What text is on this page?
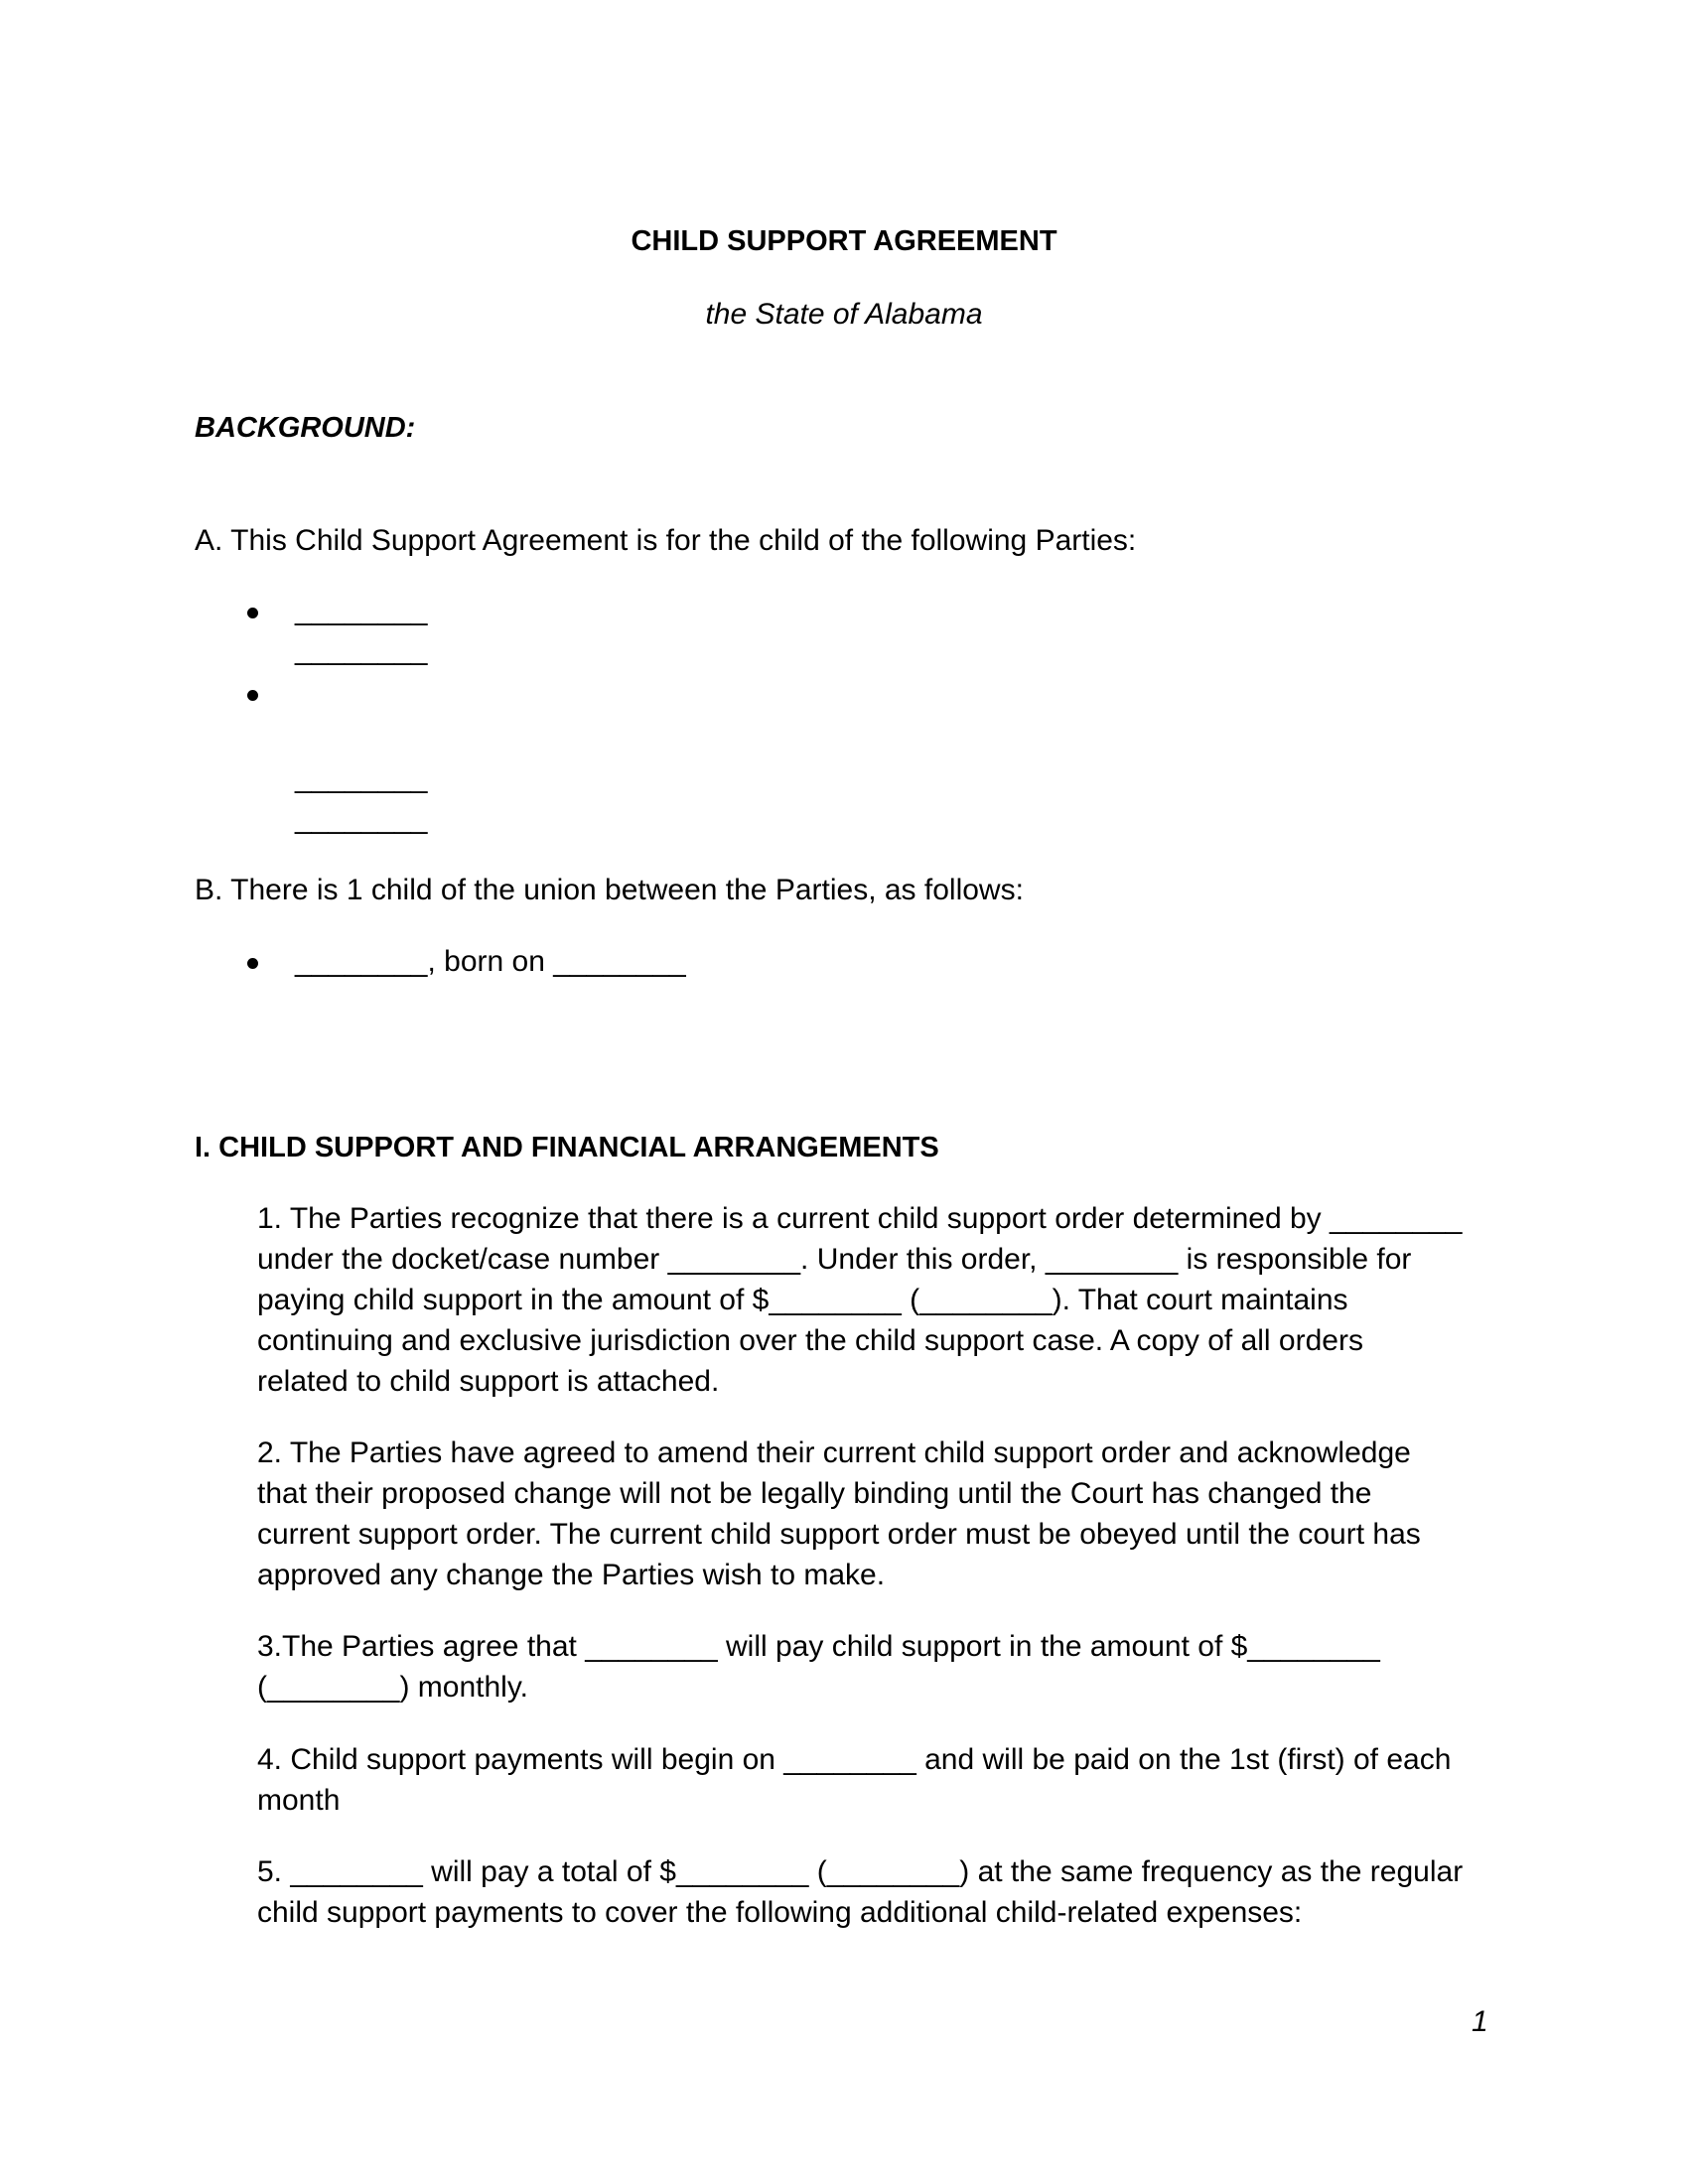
CHILD SUPPORT AGREEMENT
the State of Alabama
BACKGROUND:
A. This Child Support Agreement is for the child of the following Parties:
________
________
________
________
B. There is 1 child of the union between the Parties, as follows:
________, born on ________
I. CHILD SUPPORT AND FINANCIAL ARRANGEMENTS
1. The Parties recognize that there is a current child support order determined by ________
under the docket/case number ________. Under this order, ________ is responsible for
paying child support in the amount of $________ (________). That court maintains
continuing and exclusive jurisdiction over the child support case. A copy of all orders
related to child support is attached.
2. The Parties have agreed to amend their current child support order and acknowledge
that their proposed change will not be legally binding until the Court has changed the
current support order. The current child support order must be obeyed until the court has
approved any change the Parties wish to make.
3.The Parties agree that ________ will pay child support in the amount of $________
(________) monthly.
4. Child support payments will begin on ________ and will be paid on the 1st (first) of each
month
5. ________ will pay a total of $________ (________) at the same frequency as the regular
child support payments to cover the following additional child-related expenses:
1
